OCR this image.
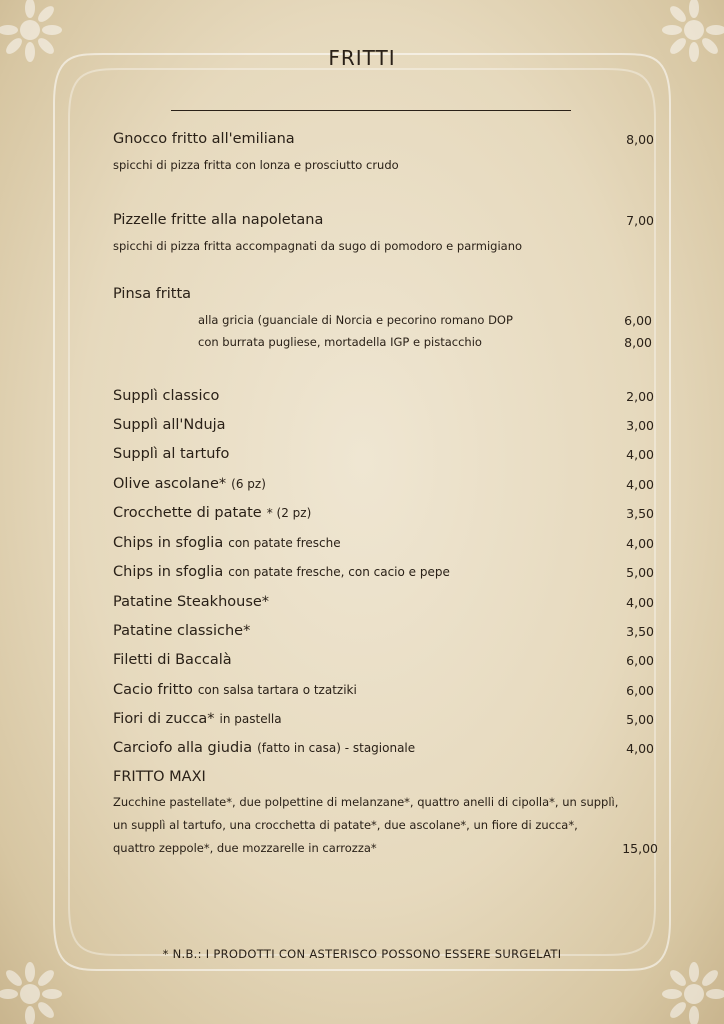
FRITTI
Gnocco fritto all'emiliana	8,00
spicchi di pizza fritta con lonza e prosciutto crudo
Pizzelle fritte alla napoletana	7,00
spicchi di pizza fritta accompagnati da sugo di pomodoro e parmigiano
Pinsa fritta
alla gricia (guanciale di Norcia e pecorino romano DOP	6,00
con burrata pugliese, mortadella IGP e pistacchio	8,00
Supplì classico	2,00
Supplì all'Nduja	3,00
Supplì al tartufo	4,00
Olive ascolane* (6 pz)	4,00
Crocchette di patate * (2 pz)	3,50
Chips in sfoglia con patate fresche	4,00
Chips in sfoglia con patate fresche, con cacio e pepe	5,00
Patatine Steakhouse*	4,00
Patatine classiche*	3,50
Filetti di Baccalà	6,00
Cacio fritto con salsa tartara o tzatziki	6,00
Fiori di zucca* in pastella	5,00
Carciofo alla giudia (fatto in casa) - stagionale	4,00
FRITTO MAXI
Zucchine pastellate*, due polpettine di melanzane*, quattro anelli di cipolla*, un supplì,
un supplì al tartufo, una crocchetta di patate*, due ascolane*, un fiore di zucca*,
quattro zeppole*, due mozzarelle in carrozza*	15,00
* N.B.: I PRODOTTI CON ASTERISCO POSSONO ESSERE SURGELATI
